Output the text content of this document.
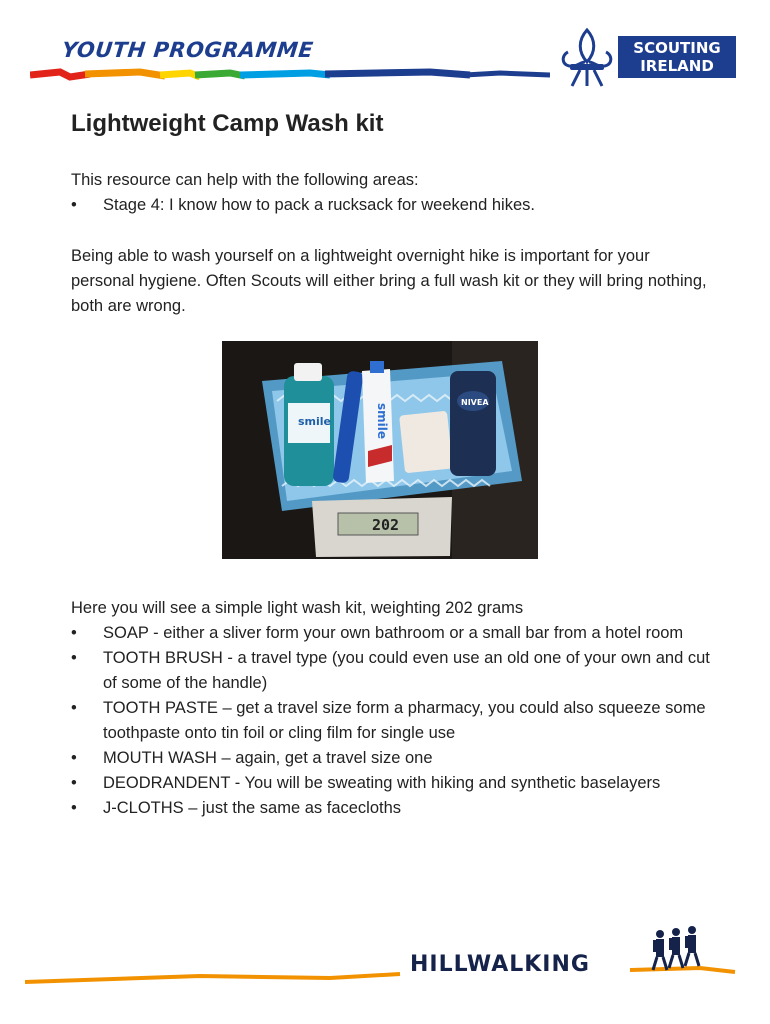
YOUTH PROGRAMME	SCOUTING
IRELAND
Lightweight Camp Wash kit
This resource can help with the following areas:
• Stage 4: I know how to pack a rucksack for weekend hikes.
Being able to wash yourself on a lightweight overnight hike is important for your personal hygiene. Often Scouts will either bring a full wash kit or they will bring nothing, both are wrong.
smile	smile
NIVEA
202
Here you will see a simple light wash kit, weighting 202 grams
• SOAP - either a sliver form your own bathroom or a small bar from a hotel room
• TOOTH BRUSH - a travel type (you could even use an old one of your own and cut of some of the handle)
• TOOTH PASTE – get a travel size form a pharmacy, you could also squeeze some toothpaste onto tin foil or cling film for single use
• MOUTH WASH – again, get a travel size one
• DEODRANDENT - You will be sweating with hiking and synthetic baselayers
• J-CLOTHS – just the same as facecloths
HILLWALKING
